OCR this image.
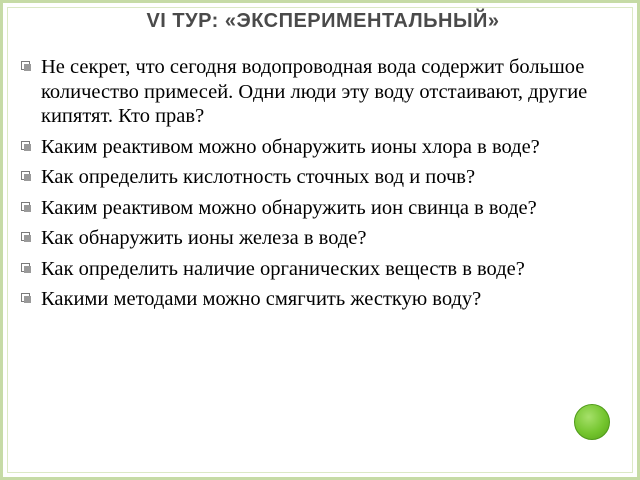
VI ТУР: «ЭКСПЕРИМЕНТАЛЬНЫЙ»
Не секрет, что сегодня водопроводная вода содержит большое количество примесей. Одни люди эту воду отстаивают, другие кипятят. Кто прав?
Каким реактивом можно обнаружить ионы хлора в воде?
Как определить кислотность сточных вод и почв?
Каким реактивом можно обнаружить ион свинца в воде?
Как обнаружить ионы железа в воде?
Как определить наличие органических веществ в воде?
Какими методами можно смягчить жесткую воду?
